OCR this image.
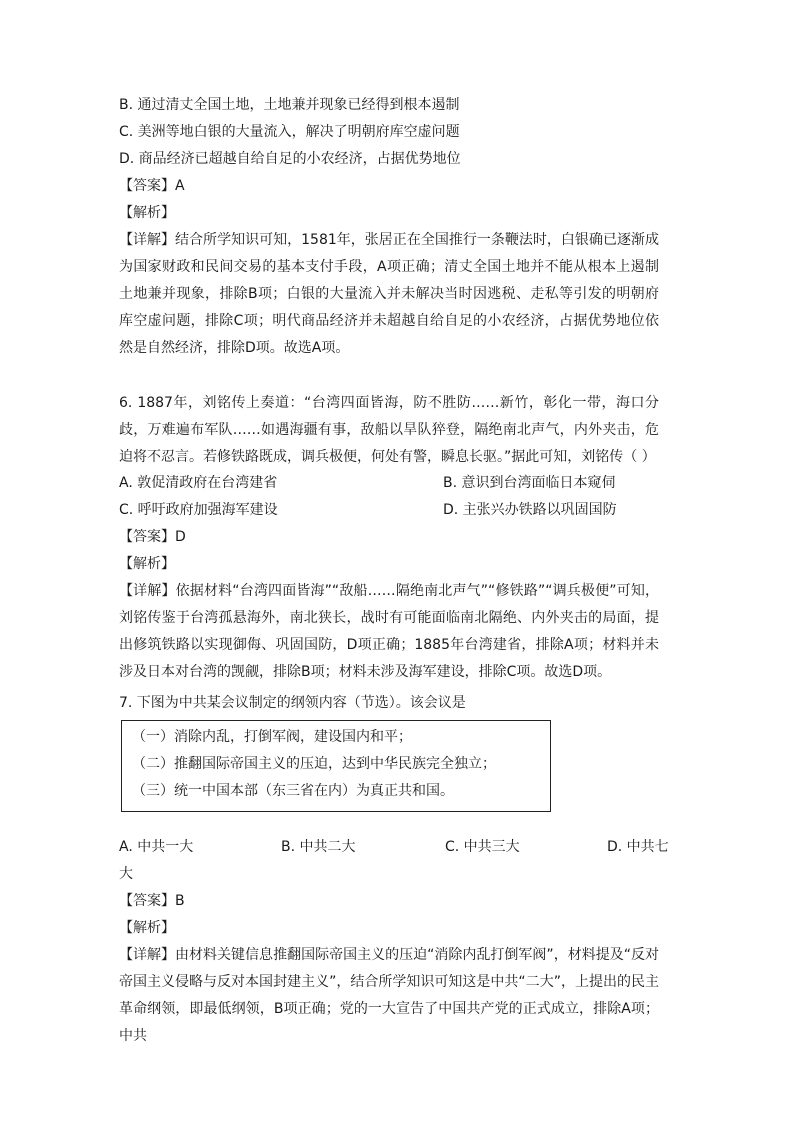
B. 通过清丈全国土地，土地兼并现象已经得到根本遏制
C. 美洲等地白银的大量流入，解决了明朝府库空虚问题
D. 商品经济已超越自给自足的小农经济，占据优势地位
【答案】A
【解析】
【详解】结合所学知识可知，1581年，张居正在全国推行一条鞭法时，白银确已逐渐成为国家财政和民间交易的基本支付手段，A项正确；清丈全国土地并不能从根本上遏制土地兼并现象，排除B项；白银的大量流入并未解决当时因逃税、走私等引发的明朝府库空虚问题，排除C项；明代商品经济并未超越自给自足的小农经济，占据优势地位依然是自然经济，排除D项。故选A项。
6. 1887年，刘铭传上奏道：“台湾四面皆海，防不胜防……新竹，彰化一带，海口分歧，万难遍布军队……如遇海疆有事，敌船以旱队猝登，隔绝南北声气，内外夹击，危迫将不忍言。若修铁路既成，调兵极便，何处有警，瞬息长驱。”据此可知，刘铭传（ ）
A. 敦促清政府在台湾建省	B. 意识到台湾面临日本窥伺
C. 呼吁政府加强海军建设	D. 主张兴办铁路以巩固国防
【答案】D
【解析】
【详解】依据材料“台湾四面皆海”“敌船……隔绝南北声气”“修铁路”“调兵极便”可知，刘铭传鉴于台湾孤悬海外，南北狭长，战时有可能面临南北隔绝、内外夹击的局面，提出修筑铁路以实现御侮、巩固国防，D项正确；1885年台湾建省，排除A项；材料并未涉及日本对台湾的觊觎，排除B项；材料未涉及海军建设，排除C项。故选D项。
7. 下图为中共某会议制定的纲领内容（节选）。该会议是
（一）消除内乱，打倒军阀，建设国内和平；
（二）推翻国际帝国主义的压迫，达到中华民族完全独立；
（三）统一中国本部（东三省在内）为真正共和国。
A. 中共一大	B. 中共二大	C. 中共三大	D. 中共七
大
【答案】B
【解析】
【详解】由材料关键信息推翻国际帝国主义的压迫“消除内乱打倒军阀”，材料提及“反对帝国主义侵略与反对本国封建主义”，结合所学知识可知这是中共“二大”，上提出的民主革命纲领，即最低纲领，B项正确；党的一大宣告了中国共产党的正式成立，排除A项；中共
